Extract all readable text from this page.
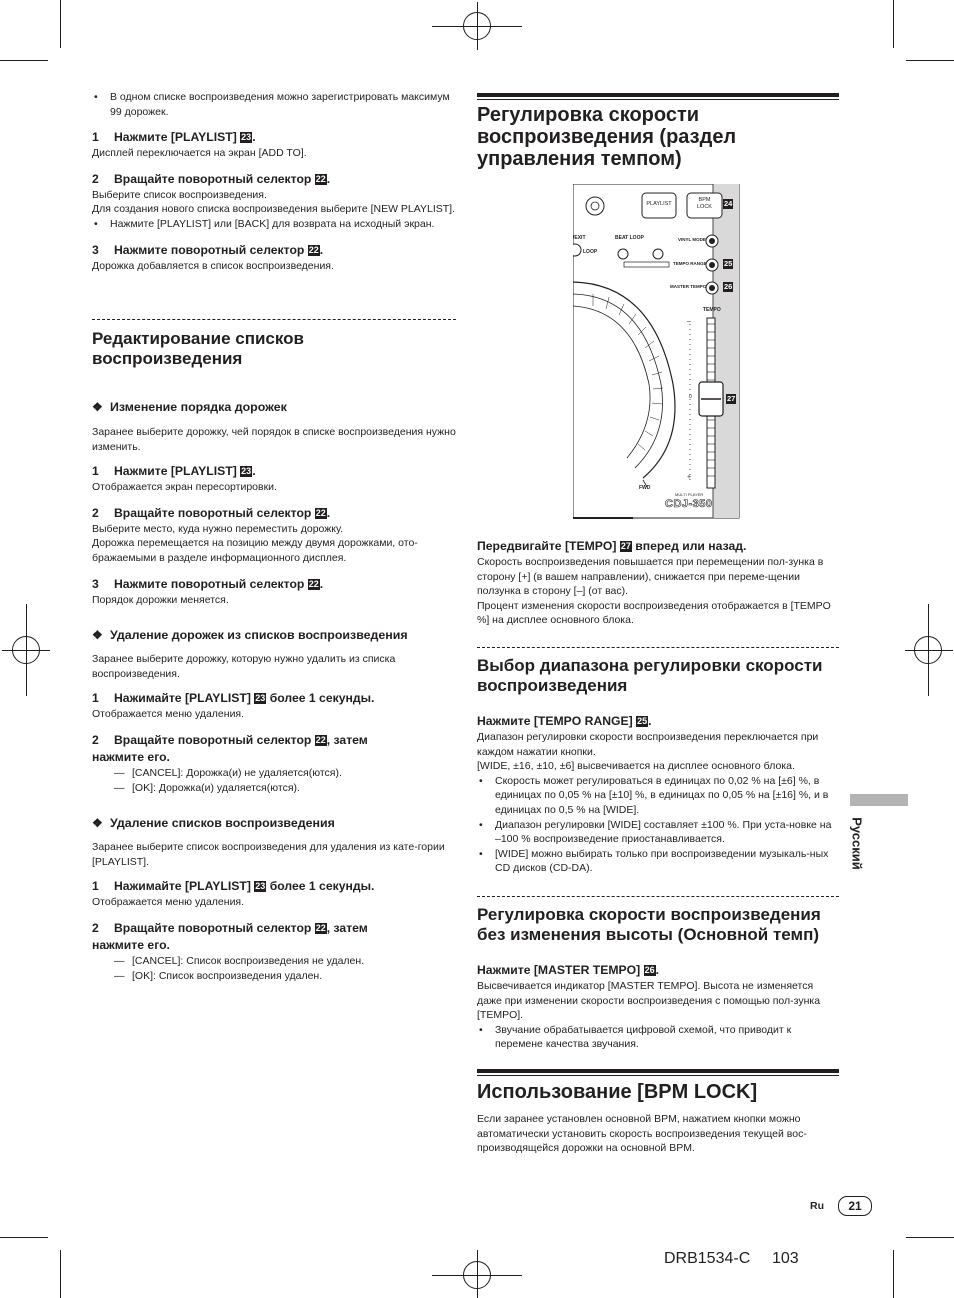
• В одном списке воспроизведения можно зарегистрировать максимум 99 дорожек.

1 Нажмите [PLAYLIST] 23.

Дисплей переключается на экран [ADD TO].

2 Вращайте поворотный селектор 22.

Выберите список воспроизведения.

Для создания нового списка воспроизведения выберите [NEW PLAYLIST].

• Нажмите [PLAYLIST] или [BACK] для возврата на исходный экран.

3 Нажмите поворотный селектор 22.

Дорожка добавляется в список воспроизведения.

Редактирование списков воспроизведения

❖ Изменение порядка дорожек

Заранее выберите дорожку, чей порядок в списке воспроизведения нужно изменить.

1 Нажмите [PLAYLIST] 23.

Отображается экран пересортировки.

2 Вращайте поворотный селектор 22.

Выберите место, куда нужно переместить дорожку.

Дорожка перемещается на позицию между двумя дорожками, ото-бражаемыми в разделе информационного дисплея.

3 Нажмите поворотный селектор 22.

Порядок дорожки меняется.

❖ Удаление дорожек из списков воспроизведения

Заранее выберите дорожку, которую нужно удалить из списка воспроизведения.

1 Нажимайте [PLAYLIST] 23 более 1 секунды.

Отображается меню удаления.

2 Вращайте поворотный селектор 22, затем

нажмите его.

— [CANCEL]: Дорожка(и) не удаляется(ются).

— [OK]: Дорожка(и) удаляется(ются).

❖ Удаление списков воспроизведения

Заранее выберите список воспроизведения для удаления из кате-гории [PLAYLIST].

1 Нажимайте [PLAYLIST] 23 более 1 секунды.

Отображается меню удаления.

2 Вращайте поворотный селектор 22, затем

нажмите его.

— [CANCEL]: Список воспроизведения не удален.

— [OK]: Список воспроизведения удален.

Регулировка скорости воспроизведения (раздел управления темпом)
PLAYLIST
BPM
LOCK	24
/EXIT	BEAT LOOP
LOOP
VINYL MODE
TEMPO RANGE 25
MASTER TEMPO 26
TEMPO
–
0
+
27
FWD
MULTI PLAYER
CDJ-350

Передвигайте [TEMPO] 27 вперед или назад.

Скорость воспроизведения повышается при перемещении пол-зунка в сторону [+] (в вашем направлении), снижается при переме-щении ползунка в сторону [–] (от вас).

Процент изменения скорости воспроизведения отображается в [TEMPO %] на дисплее основного блока.

Выбор диапазона регулировки скорости воспроизведения

Нажмите [TEMPO RANGE] 25.

Диапазон регулировки скорости воспроизведения переключается при каждом нажатии кнопки.

[WIDE, ±16, ±10, ±6] высвечивается на дисплее основного блока.

• Скорость может регулироваться в единицах по 0,02 % на [±6] %, в единицах по 0,05 % на [±10] %, в единицах по 0,05 % на [±16] %, и в единицах по 0,5 % на [WIDE].

• Диапазон регулировки [WIDE] составляет ±100 %. При уста-новке на –100 % воспроизведение приостанавливается.

• [WIDE] можно выбирать только при воспроизведении музыкаль-ных CD дисков (CD-DA).

Регулировка скорости воспроизведения без изменения высоты (Основной темп)

Нажмите [MASTER TEMPO] 26.

Высвечивается индикатор [MASTER TEMPO]. Высота не изменяется даже при изменении скорости воспроизведения с помощью пол-зунка [TEMPO].

• Звучание обрабатывается цифровой схемой, что приводит к перемене качества звучания.

Использование [BPM LOCK]

Если заранее установлен основной BPM, нажатием кнопки можно автоматически установить скорость воспроизведения текущей вос-производящейся дорожки на основной BPM.

Русский
Ru	21
DRB1534-C 103
